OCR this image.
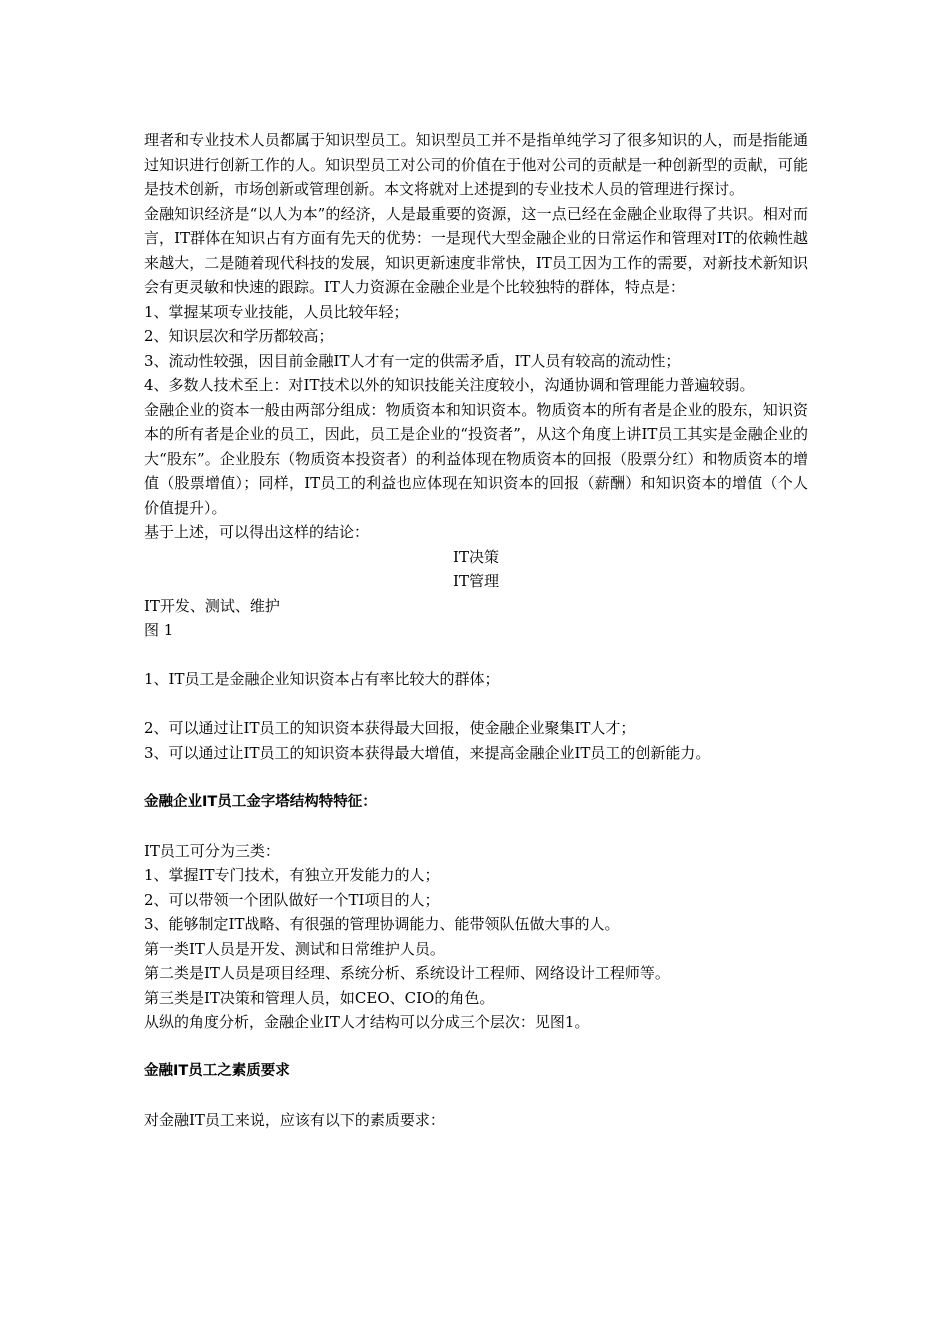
理者和专业技术人员都属于知识型员工。知识型员工并不是指单纯学习了很多知识的人，而是指能通过知识进行创新工作的人。知识型员工对公司的价值在于他对公司的贡献是一种创新型的贡献，可能是技术创新，市场创新或管理创新。本文将就对上述提到的专业技术人员的管理进行探讨。

金融知识经济是“以人为本”的经济，人是最重要的资源，这一点已经在金融企业取得了共识。相对而言，IT群体在知识占有方面有先天的优势：一是现代大型金融企业的日常运作和管理对IT的依赖性越来越大，二是随着现代科技的发展，知识更新速度非常快，IT员工因为工作的需要，对新技术新知识会有更灵敏和快速的跟踪。IT人力资源在金融企业是个比较独特的群体，特点是：

1、掌握某项专业技能，人员比较年轻；

2、知识层次和学历都较高；

3、流动性较强，因目前金融IT人才有一定的供需矛盾，IT人员有较高的流动性；

4、多数人技术至上：对IT技术以外的知识技能关注度较小，沟通协调和管理能力普遍较弱。

金融企业的资本一般由两部分组成：物质资本和知识资本。物质资本的所有者是企业的股东，知识资本的所有者是企业的员工，因此，员工是企业的“投资者”，从这个角度上讲IT员工其实是金融企业的大“股东”。企业股东（物质资本投资者）的利益体现在物质资本的回报（股票分红）和物质资本的增值（股票增值）；同样，IT员工的利益也应体现在知识资本的回报（薪酬）和知识资本的增值（个人价值提升）。

基于上述，可以得出这样的结论：

IT决策

IT管理

IT开发、测试、维护

图 1

1、IT员工是金融企业知识资本占有率比较大的群体；

2、可以通过让IT员工的知识资本获得最大回报，使金融企业聚集IT人才；

3、可以通过让IT员工的知识资本获得最大增值，来提高金融企业IT员工的创新能力。

金融企业IT员工金字塔结构特特征：

IT员工可分为三类：

1、掌握IT专门技术，有独立开发能力的人；

2、可以带领一个团队做好一个TI项目的人；

3、能够制定IT战略、有很强的管理协调能力、能带领队伍做大事的人。

第一类IT人员是开发、测试和日常维护人员。

第二类是IT人员是项目经理、系统分析、系统设计工程师、网络设计工程师等。

第三类是IT决策和管理人员，如CEO、CIO的角色。

从纵的角度分析，金融企业IT人才结构可以分成三个层次：见图1。

金融IT员工之素质要求

对金融IT员工来说，应该有以下的素质要求：
